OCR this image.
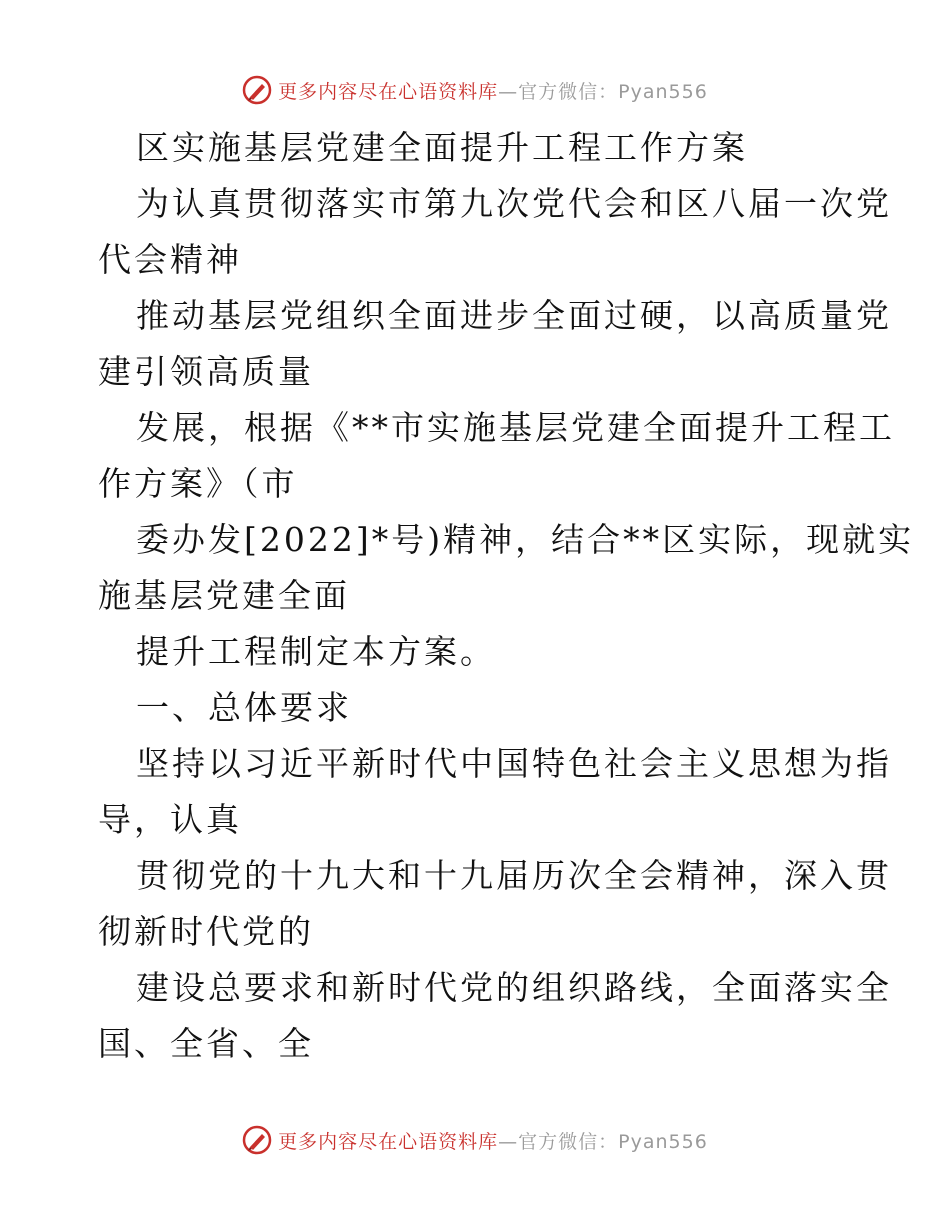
更多内容尽在心语资料库 —官方微信：Pyan556
区实施基层党建全面提升工程工作方案
为认真贯彻落实市第九次党代会和区八届一次党
代会精神
推动基层党组织全面进步全面过硬，以高质量党
建引领高质量
发展，根据《**市实施基层党建全面提升工程工
作方案》（市
委办发[2022]*号)精神，结合**区实际，现就实
施基层党建全面
提升工程制定本方案。
一、总体要求
坚持以习近平新时代中国特色社会主义思想为指
导，认真
贯彻党的十九大和十九届历次全会精神，深入贯
彻新时代党的
建设总要求和新时代党的组织路线，全面落实全
国、全省、全
更多内容尽在心语资料库 —官方微信：Pyan556
